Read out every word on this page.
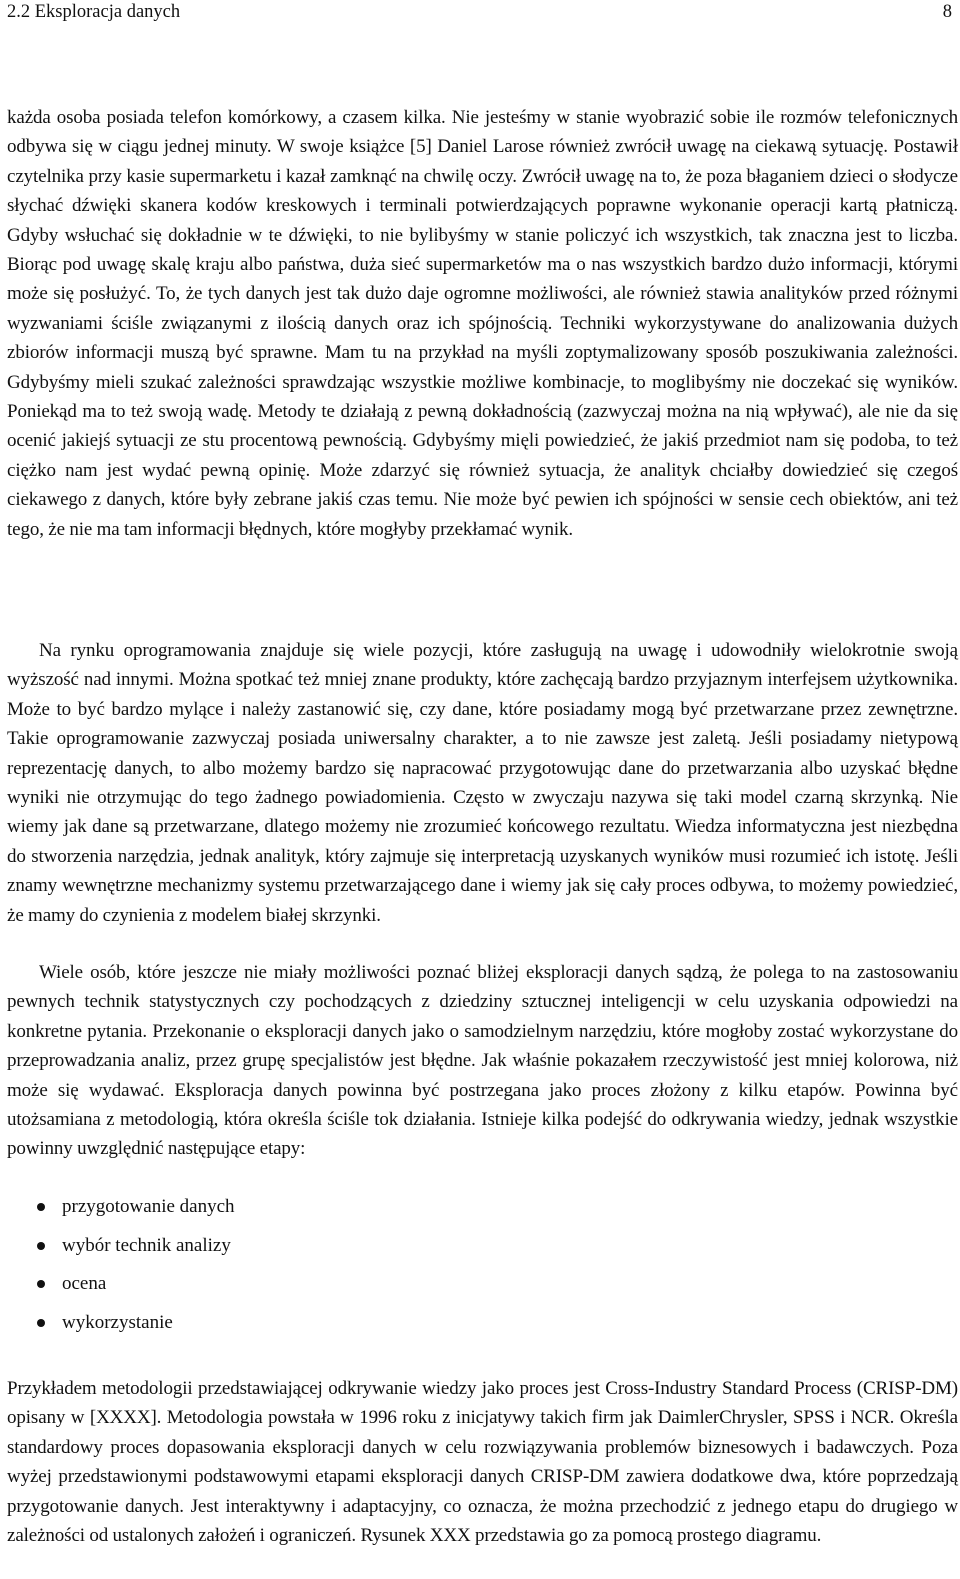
2.2 Eksploracja danych	8

każda osoba posiada telefon komórkowy, a czasem kilka. Nie jesteśmy w stanie wyobrazić sobie ile rozmów telefonicznych odbywa się w ciągu jednej minuty. W swoje książce [5] Daniel Larose również zwrócił uwagę na ciekawą sytuację. Postawił czytelnika przy kasie supermarketu i kazał zamknąć na chwilę oczy. Zwrócił uwagę na to, że poza błaganiem dzieci o słodycze słychać dźwięki skanera kodów kreskowych i terminali potwierdzających poprawne wykonanie operacji kartą płatniczą. Gdyby wsłuchać się dokładnie w te dźwięki, to nie bylibyśmy w stanie policzyć ich wszystkich, tak znaczna jest to liczba. Biorąc pod uwagę skalę kraju albo państwa, duża sieć supermarketów ma o nas wszystkich bardzo dużo informacji, którymi może się posłużyć. To, że tych danych jest tak dużo daje ogromne możliwości, ale również stawia analityków przed różnymi wyzwaniami ściśle związanymi z ilością danych oraz ich spójnością. Techniki wykorzystywane do analizowania dużych zbiorów informacji muszą być sprawne. Mam tu na przykład na myśli zoptymalizowany sposób poszukiwania zależności. Gdybyśmy mieli szukać zależności sprawdzając wszystkie możliwe kombinacje, to moglibyśmy nie doczekać się wyników. Poniekąd ma to też swoją wadę. Metody te działają z pewną dokładnością (zazwyczaj można na nią wpływać), ale nie da się ocenić jakiejś sytuacji ze stu procentową pewnością. Gdybyśmy mięli powiedzieć, że jakiś przedmiot nam się podoba, to też ciężko nam jest wydać pewną opinię. Może zdarzyć się również sytuacja, że analityk chciałby dowiedzieć się czegoś ciekawego z danych, które były zebrane jakiś czas temu. Nie może być pewien ich spójności w sensie cech obiektów, ani też tego, że nie ma tam informacji błędnych, które mogłyby przekłamać wynik.

Na rynku oprogramowania znajduje się wiele pozycji, które zasługują na uwagę i udowodniły wielokrotnie swoją wyższość nad innymi. Można spotkać też mniej znane produkty, które zachęcają bardzo przyjaznym interfejsem użytkownika. Może to być bardzo mylące i należy zastanowić się, czy dane, które posiadamy mogą być przetwarzane przez zewnętrzne. Takie oprogramowanie zazwyczaj posiada uniwersalny charakter, a to nie zawsze jest zaletą. Jeśli posiadamy nietypową reprezentację danych, to albo możemy bardzo się napracować przygotowując dane do przetwarzania albo uzyskać błędne wyniki nie otrzymując do tego żadnego powiadomienia. Często w zwyczaju nazywa się taki model czarną skrzynką. Nie wiemy jak dane są przetwarzane, dlatego możemy nie zrozumieć końcowego rezultatu. Wiedza informatyczna jest niezbędna do stworzenia narzędzia, jednak analityk, który zajmuje się interpretacją uzyskanych wyników musi rozumieć ich istotę. Jeśli znamy wewnętrzne mechanizmy systemu przetwarzającego dane i wiemy jak się cały proces odbywa, to możemy powiedzieć, że mamy do czynienia z modelem białej skrzynki.

Wiele osób, które jeszcze nie miały możliwości poznać bliżej eksploracji danych sądzą, że polega to na zastosowaniu pewnych technik statystycznych czy pochodzących z dziedziny sztucznej inteligencji w celu uzyskania odpowiedzi na konkretne pytania. Przekonanie o eksploracji danych jako o samodzielnym narzędziu, które mogłoby zostać wykorzystane do przeprowadzania analiz, przez grupę specjalistów jest błędne. Jak właśnie pokazałem rzeczywistość jest mniej kolorowa, niż może się wydawać. Eksploracja danych powinna być postrzegana jako proces złożony z kilku etapów. Powinna być utożsamiana z metodologią, która określa ściśle tok działania. Istnieje kilka podejść do odkrywania wiedzy, jednak wszystkie powinny uwzględnić następujące etapy:

przygotowanie danych
wybór technik analizy
ocena
wykorzystanie

Przykładem metodologii przedstawiającej odkrywanie wiedzy jako proces jest Cross-Industry Standard Process (CRISP-DM) opisany w [XXXX]. Metodologia powstała w 1996 roku z inicjatywy takich firm jak DaimlerChrysler, SPSS i NCR. Określa standardowy proces dopasowania eksploracji danych w celu rozwiązywania problemów biznesowych i badawczych. Poza wyżej przedstawionymi podstawowymi etapami eksploracji danych CRISP-DM zawiera dodatkowe dwa, które poprzedzają przygotowanie danych. Jest interaktywny i adaptacyjny, co oznacza, że można przechodzić z jednego etapu do drugiego w zależności od ustalonych założeń i ograniczeń. Rysunek XXX przedstawia go za pomocą prostego diagramu.
